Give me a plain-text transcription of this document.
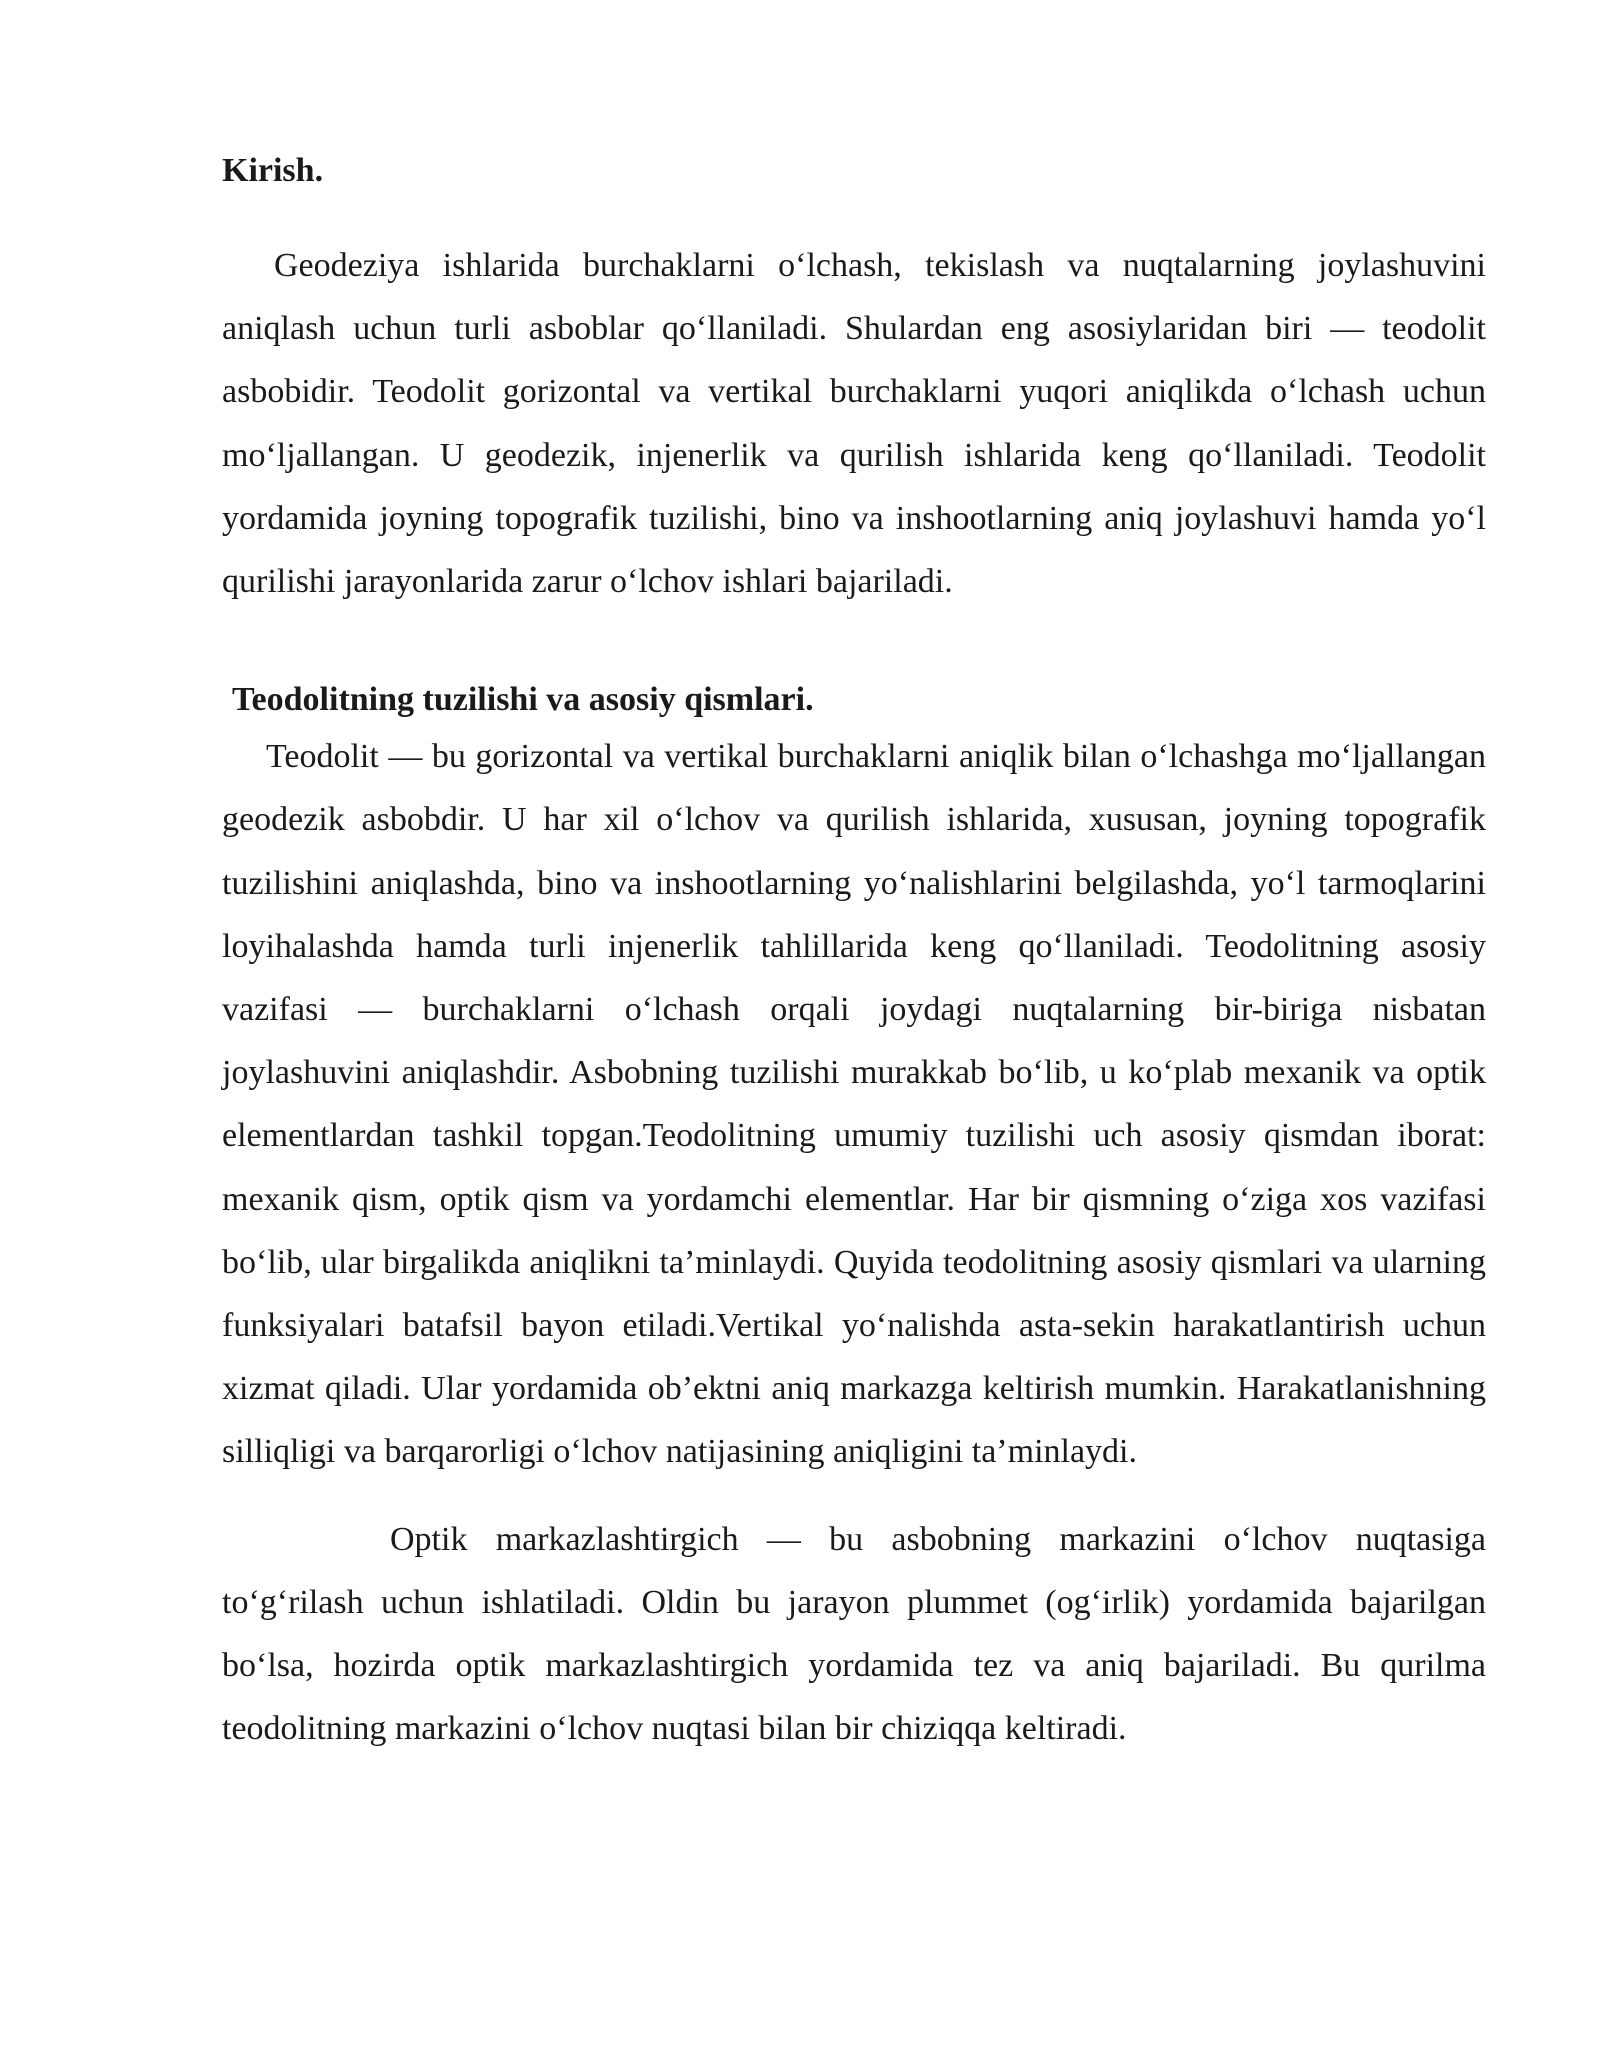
Kirish.

Geodeziya ishlarida burchaklarni o‘lchash, tekislash va nuqtalarning joylashuvini aniqlash uchun turli asboblar qo‘llaniladi. Shulardan eng asosiylaridan biri — teodolit asbobidir. Teodolit gorizontal va vertikal burchaklarni yuqori aniqlikda o‘lchash uchun mo‘ljallangan. U geodezik, injenerlik va qurilish ishlarida keng qo‘llaniladi. Teodolit yordamida joyning topografik tuzilishi, bino va inshootlarning aniq joylashuvi hamda yo‘l qurilishi jarayonlarida zarur o‘lchov ishlari bajariladi.

Teodolitning tuzilishi va asosiy qismlari.

Teodolit — bu gorizontal va vertikal burchaklarni aniqlik bilan o‘lchashga mo‘ljallangan geodezik asbobdir. U har xil o‘lchov va qurilish ishlarida, xususan, joyning topografik tuzilishini aniqlashda, bino va inshootlarning yo‘nalishlarini belgilashda, yo‘l tarmoqlarini loyihalashda hamda turli injenerlik tahlillarida keng qo‘llaniladi. Teodolitning asosiy vazifasi — burchaklarni o‘lchash orqali joydagi nuqtalarning bir-biriga nisbatan joylashuvini aniqlashdir. Asbobning tuzilishi murakkab bo‘lib, u ko‘plab mexanik va optik elementlardan tashkil topgan.Teodolitning umumiy tuzilishi uch asosiy qismdan iborat: mexanik qism, optik qism va yordamchi elementlar. Har bir qismning o‘ziga xos vazifasi bo‘lib, ular birgalikda aniqlikni ta’minlaydi. Quyida teodolitning asosiy qismlari va ularning funksiyalari batafsil bayon etiladi.Vertikal yo‘nalishda asta-sekin harakatlantirish uchun xizmat qiladi. Ular yordamida ob’ektni aniq markazga keltirish mumkin. Harakatlanishning silliqligi va barqarorligi o‘lchov natijasining aniqligini ta’minlaydi.

Optik markazlashtirgich — bu asbobning markazini o‘lchov nuqtasiga to‘g‘rilash uchun ishlatiladi. Oldin bu jarayon plummet (og‘irlik) yordamida bajarilgan bo‘lsa, hozirda optik markazlashtirgich yordamida tez va aniq bajariladi. Bu qurilma teodolitning markazini o‘lchov nuqtasi bilan bir chiziqqa keltiradi.
